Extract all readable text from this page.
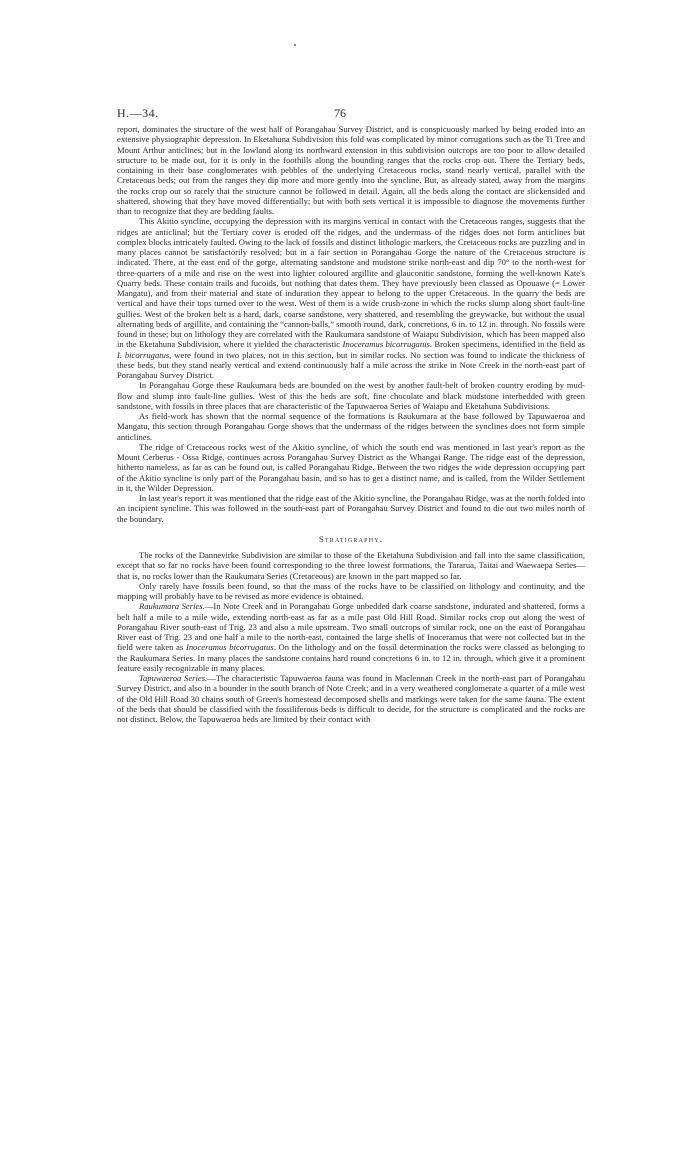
H.—34.	76

report, dominates the structure of the west half of Porangahau Survey District, and is conspicuously marked by being eroded into an extensive physiographic depression. In Eketahuna Subdivision this fold was complicated by minor corrugations such as the Ti Tree and Mount Arthur anticlines; but in the lowland along its northward extension in this subdivision outcrops are too poor to allow detailed structure to be made out, for it is only in the foothills along the bounding ranges that the rocks crop out. There the Tertiary beds, containing in their base conglomerates with pebbles of the underlying Cretaceous rocks, stand nearly vertical, parallel with the Cretaceous beds; out from the ranges they dip more and more gently into the syncline. But, as already stated, away from the margins the rocks crop out so rarely that the structure cannot be followed in detail. Again, all the beds along the contact are slickensided and shattered, showing that they have moved differentially; but with both sets vertical it is impossible to diagnose the movements further than to recognize that they are bedding faults.

This Akitio syncline, occupying the depression with its margins vertical in contact with the Cretaceous ranges, suggests that the ridges are anticlinal; but the Tertiary cover is eroded off the ridges, and the undermass of the ridges does not form anticlines but complex blocks intricately faulted. Owing to the lack of fossils and distinct lithologic markers, the Cretaceous rocks are puzzling and in many places cannot be satisfactorily resolved; but in a fair section in Porangahau Gorge the nature of the Cretaceous structure is indicated. There, at the east end of the gorge, alternating sandstone and mudstone strike north-east and dip 70° to the north-west for three-quarters of a mile and rise on the west into lighter coloured argillite and glauconitic sandstone, forming the well-known Kate's Quarry beds. These contain trails and fucoids, but nothing that dates them. They have previously been classed as Opouawe (= Lower Mangatu), and from their material and state of induration they appear to belong to the upper Cretaceous. In the quarry the beds are vertical and have their tops turned over to the west. West of them is a wide crush-zone in which the rocks slump along short fault-line gullies. West of the broken belt is a hard, dark, coarse sandstone, very shattered, and resembling the greywacke, but without the usual alternating beds of argillite, and containing the “cannon-balls,” smooth round, dark, concretions, 6 in. to 12 in. through. No fossils were found in these; but on lithology they are correlated with the Raukumara sandstone of Waiapu Subdivision, which has been mapped also in the Eketahuna Subdivision, where it yielded the characteristic Inoceramus bicorrugatus. Broken specimens, identified in the field as I. bicorrugatus, were found in two places, not in this section, but in similar rocks. No section was found to indicate the thickness of these beds, but they stand nearly vertical and extend continuously half a mile across the strike in Note Creek in the north-east part of Porangahau Survey District.

In Porangahau Gorge these Raukumara beds are bounded on the west by another fault-belt of broken country eroding by mud-flow and slump into fault-line gullies. West of this the beds are soft, fine chocolate and black mudstone interbedded with green sandstone, with fossils in three places that are characteristic of the Tapuwaeroa Series of Waiapu and Eketahuna Subdivisions.

As field-work has shown that the normal sequence of the formations is Raukumara at the base followed by Tapuwaeroa and Mangatu, this section through Porangahau Gorge shows that the undermass of the ridges between the synclines does not form simple anticlines.

The ridge of Cretaceous rocks west of the Akitio syncline, of which the south end was mentioned in last year's report as the Mount Cerberus - Ossa Ridge, continues across Porangahau Survey District as the Whangai Range. The ridge east of the depression, hitherto nameless, as far as can be found out, is called Porangahau Ridge. Between the two ridges the wide depression occupying part of the Akitio syncline is only part of the Porangahau basin, and so has to get a distinct name, and is called, from the Wilder Settlement in it, the Wilder Depression.

In last year's report it was mentioned that the ridge east of the Akitio syncline, the Porangahau Ridge, was at the north folded into an incipient syncline. This was followed in the south-east part of Porangahau Survey District and found to die out two miles north of the boundary.

Stratigraphy.

The rocks of the Dannevirke Subdivision are similar to those of the Eketahuna Subdivision and fall into the same classification, except that so far no rocks have been found corresponding to the three lowest formations, the Tararua, Taitai and Waewaepa Series—that is, no rocks lower than the Raukumara Series (Cretaceous) are known in the part mapped so far.

Only rarely have fossils been found, so that the mass of the rocks have to be classified on lithology and continuity, and the mapping will probably have to be revised as more evidence is obtained.

Raukumara Series.—In Note Creek and in Porangahau Gorge unbedded dark coarse sandstone, indurated and shattered, forms a belt half a mile to a mile wide, extending north-east as far as a mile past Old Hill Road. Similar rocks crop out along the west of Porangahau River south-east of Trig. 23 and also a mile upstream. Two small outcrops of similar rock, one on the east of Porangahau River east of Trig. 23 and one half a mile to the north-east, contained the large shells of Inoceramus that were not collected but in the field were taken as Inoceramus bicorrugatus. On the lithology and on the fossil determination the rocks were classed as belonging to the Raukumara Series. In many places the sandstone contains hard round concretions 6 in. to 12 in. through, which give it a prominent feature easily recognizable in many places.

Tapuwaeroa Series.—The characteristic Tapuwaeroa fauna was found in Maclennan Creek in the north-east part of Porangahau Survey District, and also in a bounder in the south branch of Note Creek; and in a very weathered conglomerate a quarter of a mile west of the Old Hill Road 30 chains south of Green's homestead decomposed shells and markings were taken for the same fauna. The extent of the beds that should be classified with the fossiliferous beds is difficult to decide, for the structure is complicated and the rocks are not distinct. Below, the Tapuwaeroa beds are limited by their contact with
